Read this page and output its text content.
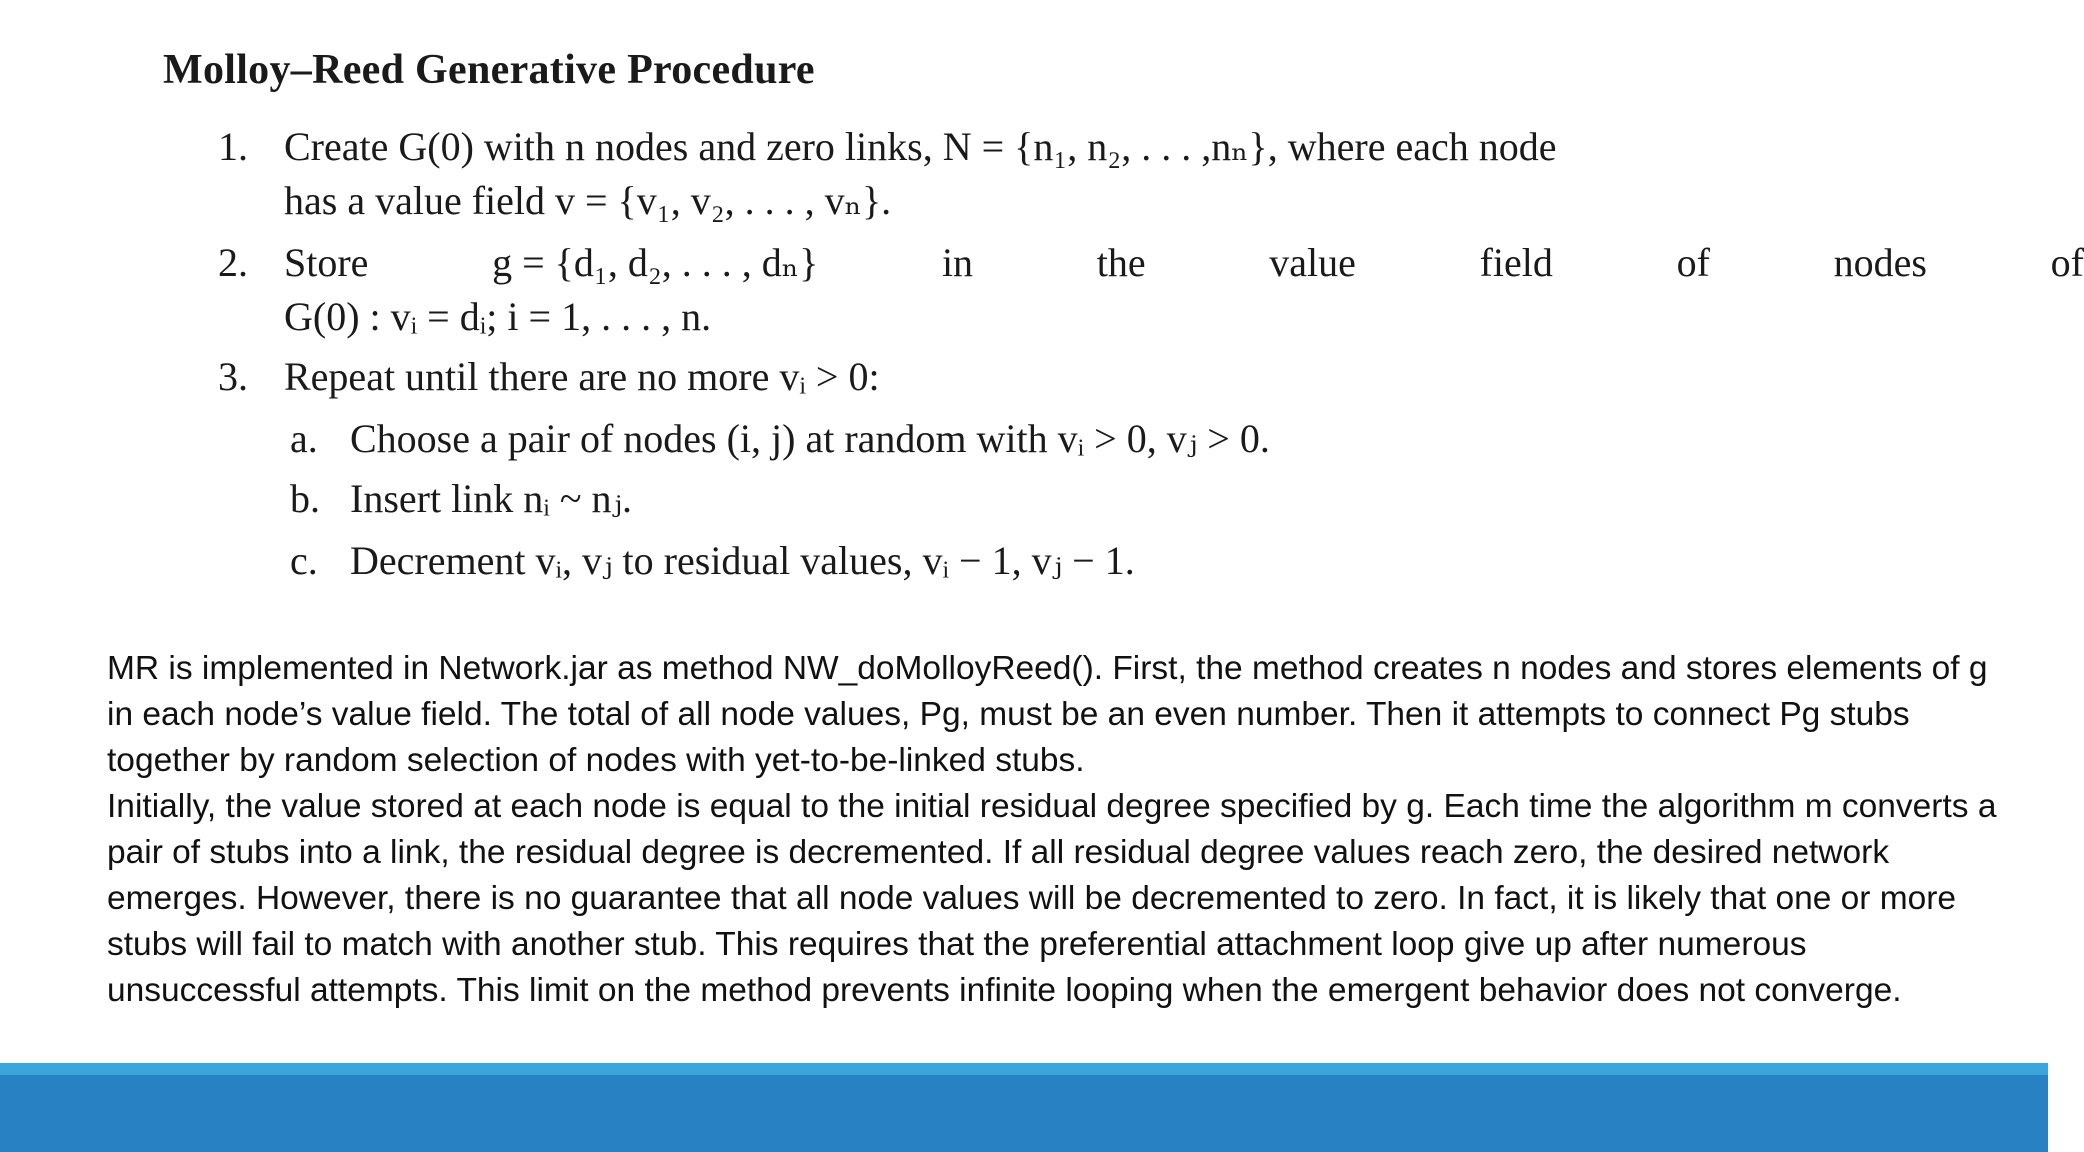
Molloy–Reed Generative Procedure
1. Create G(0) with n nodes and zero links, N = {n₁, n₂, . . . ,nₙ}, where each node
has a value field v = {v₁, v₂, . . . , vₙ}.
2. Store	g = {d₁, d₂, . . . , dₙ}	in	the	value	field	of	nodes	of
G(0) : vᵢ = dᵢ; i = 1, . . . , n.
3. Repeat until there are no more vᵢ > 0:
a. Choose a pair of nodes (i, j) at random with vᵢ > 0, vⱼ > 0.
b. Insert link nᵢ ~ nⱼ.
c. Decrement vᵢ, vⱼ to residual values, vᵢ − 1, vⱼ − 1.

MR is implemented in Network.jar as method NW_doMolloyReed(). First, the method creates n nodes and stores elements of g in each node’s value field. The total of all node values, Pg, must be an even number. Then it attempts to connect Pg stubs together by random selection of nodes with yet-to-be-linked stubs.

Initially, the value stored at each node is equal to the initial residual degree specified by g. Each time the algorithm m converts a pair of stubs into a link, the residual degree is decremented. If all residual degree values reach zero, the desired network emerges. However, there is no guarantee that all node values will be decremented to zero. In fact, it is likely that one or more stubs will fail to match with another stub. This requires that the preferential attachment loop give up after numerous unsuccessful attempts. This limit on the method prevents infinite looping when the emergent behavior does not converge.
